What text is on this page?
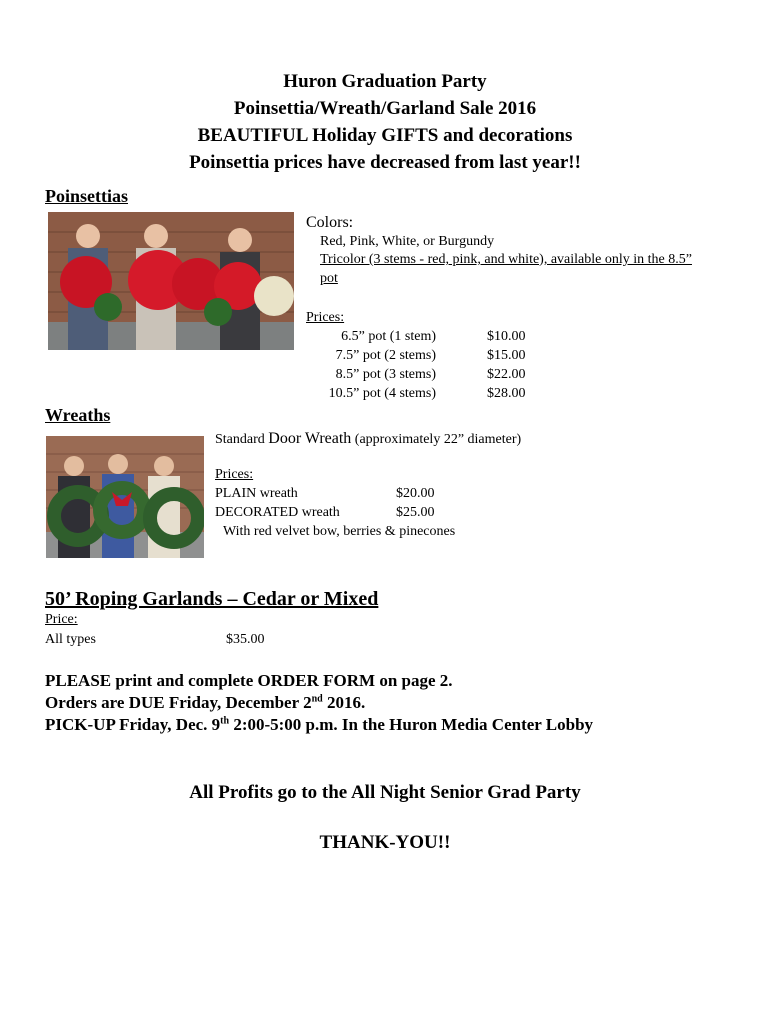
Huron Graduation Party
Poinsettia/Wreath/Garland Sale 2016
BEAUTIFUL Holiday GIFTS and decorations
Poinsettia prices have decreased from last year!!
Poinsettias
Colors:
Red, Pink, White, or Burgundy
Tricolor (3 stems - red, pink, and white), available only in the 8.5”
pot
Prices:
6.5” pot (1 stem)	$10.00
7.5” pot (2 stems)	$15.00
8.5” pot (3 stems)	$22.00
10.5” pot (4 stems)	$28.00
Wreaths
Standard Door Wreath (approximately 22” diameter)
Prices:
PLAIN wreath	$20.00
DECORATED wreath	$25.00
With red velvet bow, berries & pinecones
50’ Roping Garlands – Cedar or Mixed
Price:
All types	$35.00
PLEASE print and complete ORDER FORM on page 2.
Orders are DUE Friday, December 2nd 2016.
PICK-UP Friday, Dec. 9th 2:00-5:00 p.m. In the Huron Media Center Lobby
All Profits go to the All Night Senior Grad Party
THANK-YOU!!
